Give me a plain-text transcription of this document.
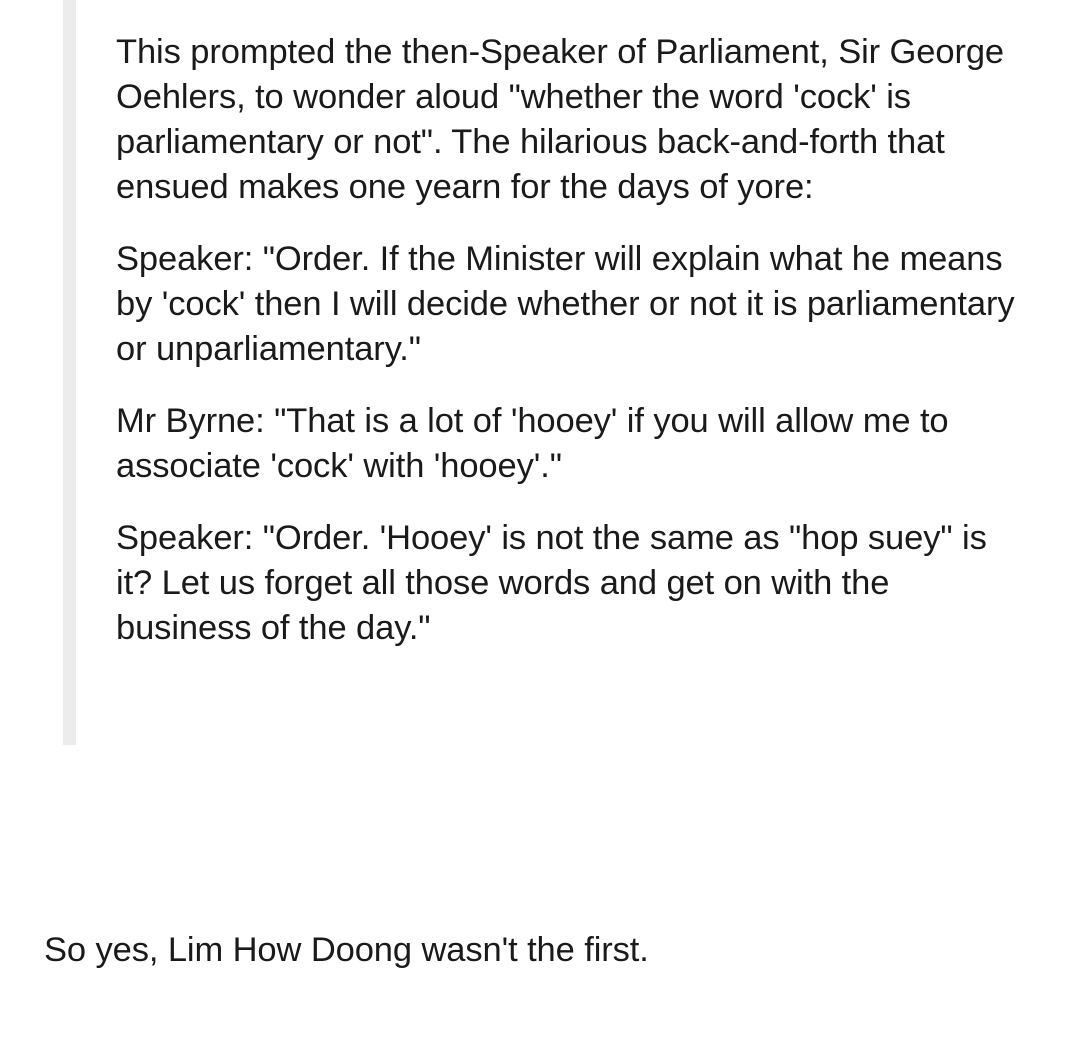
This prompted the then-Speaker of Parliament, Sir George Oehlers, to wonder aloud "whether the word 'cock' is parliamentary or not". The hilarious back-and-forth that ensued makes one yearn for the days of yore:

Speaker: "Order. If the Minister will explain what he means by 'cock' then I will decide whether or not it is parliamentary or unparliamentary."

Mr Byrne: "That is a lot of 'hooey' if you will allow me to associate 'cock' with 'hooey'."

Speaker: "Order. 'Hooey' is not the same as "hop suey" is it? Let us forget all those words and get on with the business of the day."

So yes, Lim How Doong wasn't the first.
